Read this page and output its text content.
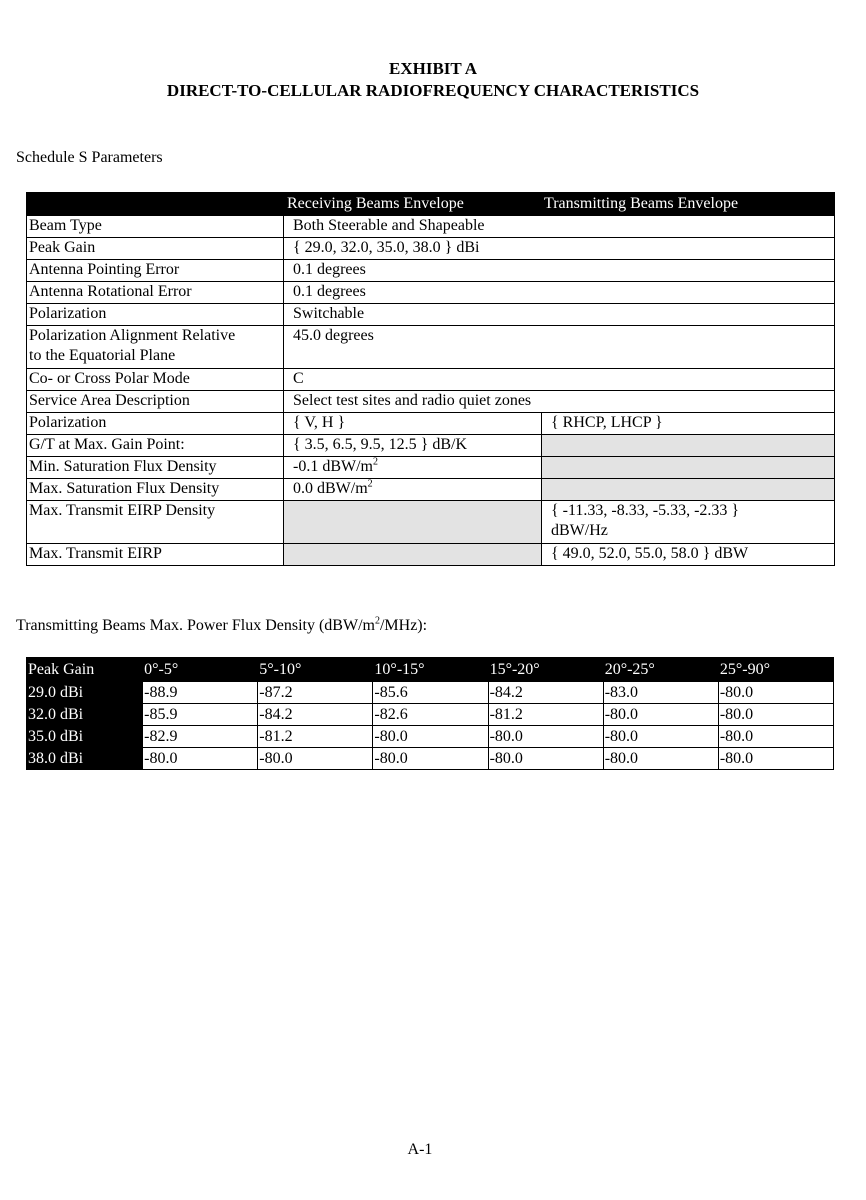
EXHIBIT A
DIRECT-TO-CELLULAR RADIOFREQUENCY CHARACTERISTICS
Schedule S Parameters
	Receiving Beams Envelope	Transmitting Beams Envelope
Beam Type	Both Steerable and Shapeable	
Peak Gain	{ 29.0, 32.0, 35.0, 38.0 } dBi	
Antenna Pointing Error	0.1 degrees	
Antenna Rotational Error	0.1 degrees	
Polarization	Switchable	
Polarization Alignment Relative
to the Equatorial Plane	45.0 degrees	
Co- or Cross Polar Mode	C	
Service Area Description	Select test sites and radio quiet zones	
Polarization	{ V, H }	{ RHCP, LHCP }
G/T at Max. Gain Point:	{ 3.5, 6.5, 9.5, 12.5 } dB/K	
Min. Saturation Flux Density	-0.1 dBW/$m^2$	
Max. Saturation Flux Density	0.0 dBW/$m^2$	
Max. Transmit EIRP Density		{ -11.33, -8.33, -5.33, -2.33 }
dBW/Hz
Max. Transmit EIRP		{ 49.0, 52.0, 55.0, 58.0 } dBW
Transmitting Beams Max. Power Flux Density $(dBW/m^2/MHz)$:
Peak Gain	0°-5°	5°-10°	10°-15°	15°-20°	20°-25°	25°-90°
29.0 dBi	-88.9	-87.2	-85.6	-84.2	-83.0	-80.0
32.0 dBi	-85.9	-84.2	-82.6	-81.2	-80.0	-80.0
35.0 dBi	-82.9	-81.2	-80.0	-80.0	-80.0	-80.0
38.0 dBi	-80.0	-80.0	-80.0	-80.0	-80.0	-80.0
A-1
